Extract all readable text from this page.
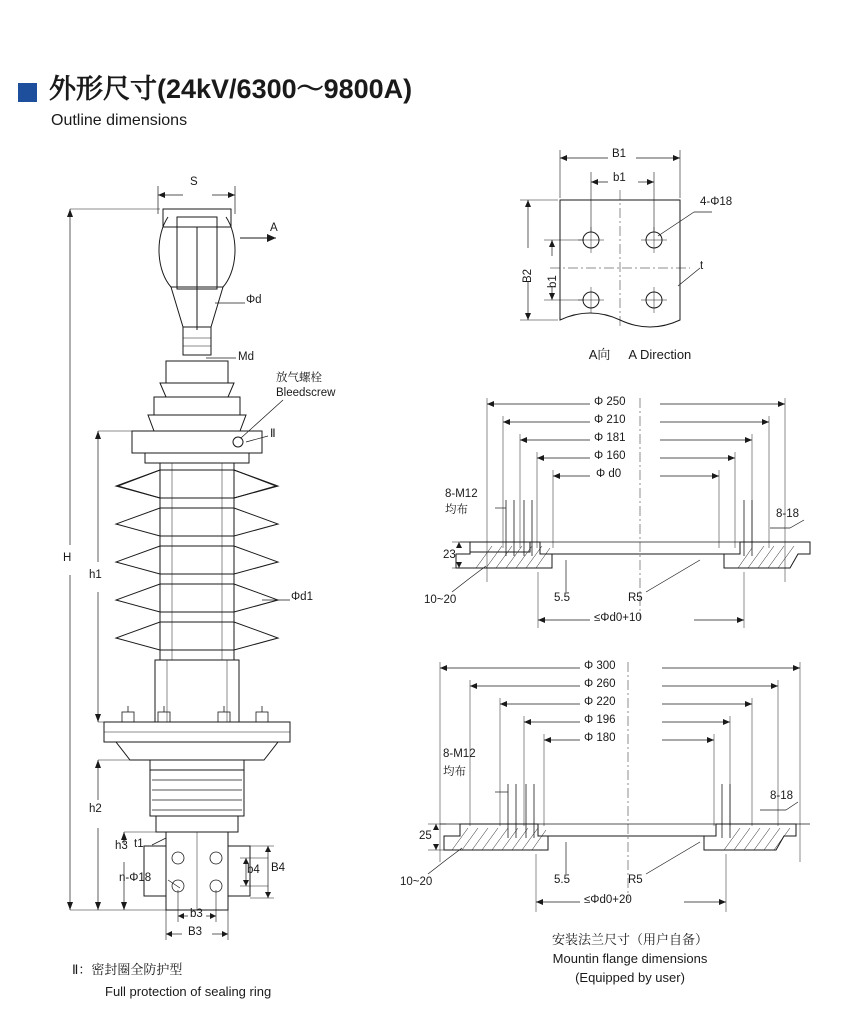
外形尺寸(24kV/6300～9800A)
Outline dimensions
S
A
Φd
Md
放气螺栓
Bleedscrew
Ⅱ
H
h1
h2
h3
Φd1
t1
n-Φ18
b4 B4
b3
B3
Ⅱ：密封圈全防护型
Full protection of sealing ring
B1
b1
B2 b1
4-Φ18
t
A向 A Direction
Φ 250
Φ 210
Φ 181
Φ 160
Φ d0
8-M12
均布	8-18
23
10~20	5.5	R5
≤Φd0+10
Φ 300
Φ 260
Φ 220
Φ 196
Φ 180
8-M12
均布
8-18
25
10~20	5.5	R5
≤Φd0+20
安装法兰尺寸（用户自备）
Mountin flange dimensions
(Equipped by user)
